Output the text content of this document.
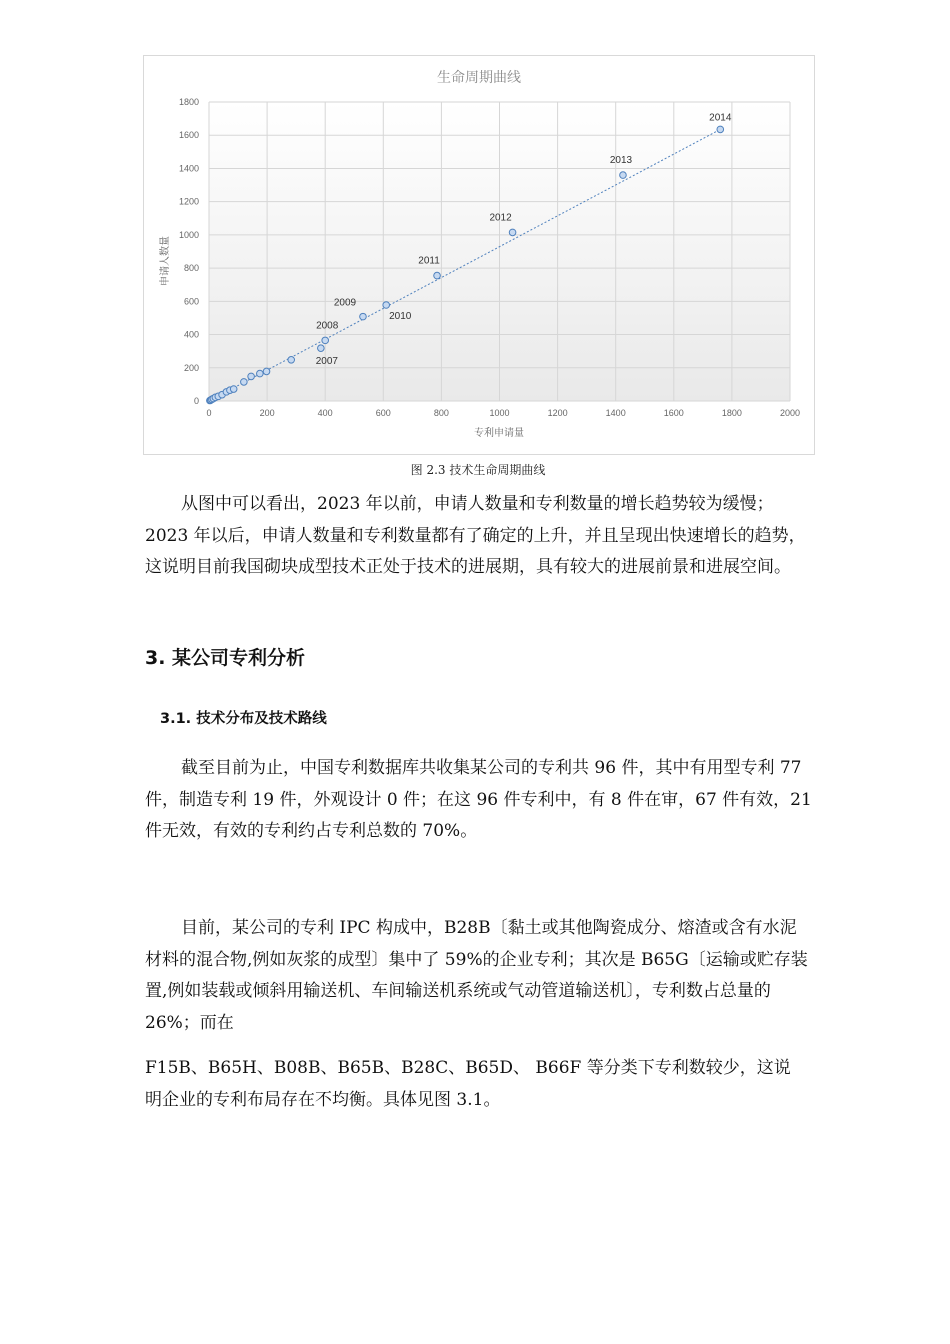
生命周期曲线
申请人数量
专利申请量
0	200	400	600	800	1000	1200	1400	1600	1800	2000
0
200
400
600
800
1000
1200
1400
1600
1800
2007
2008
2009
2010
2011
2012
2013
2014
图 2.3 技术生命周期曲线

从图中可以看出，2023 年以前，申请人数量和专利数量的增长趋势较为缓慢；2023 年以后，申请人数量和专利数量都有了确定的上升，并且呈现出快速增长的趋势，这说明目前我国砌块成型技术正处于技术的进展期，具有较大的进展前景和进展空间。

3. 某公司专利分析
3.1. 技术分布及技术路线

截至目前为止，中国专利数据库共收集某公司的专利共 96 件，其中有用型专利 77 件，制造专利 19 件，外观设计 0 件；在这 96 件专利中，有 8 件在审，67 件有效，21 件无效，有效的专利约占专利总数的 70%。

目前，某公司的专利 IPC 构成中，B28B〔黏土或其他陶瓷成分、熔渣或含有水泥材料的混合物,例如灰浆的成型〕集中了 59%的企业专利；其次是 B65G〔运输或贮存装置,例如装载或倾斜用输送机、车间输送机系统或气动管道输送机〕，专利数占总量的 26%；而在

F15B、B65H、B08B、B65B、B28C、B65D、 B66F 等分类下专利数较少，这说

明企业的专利布局存在不均衡。具体见图 3.1。
